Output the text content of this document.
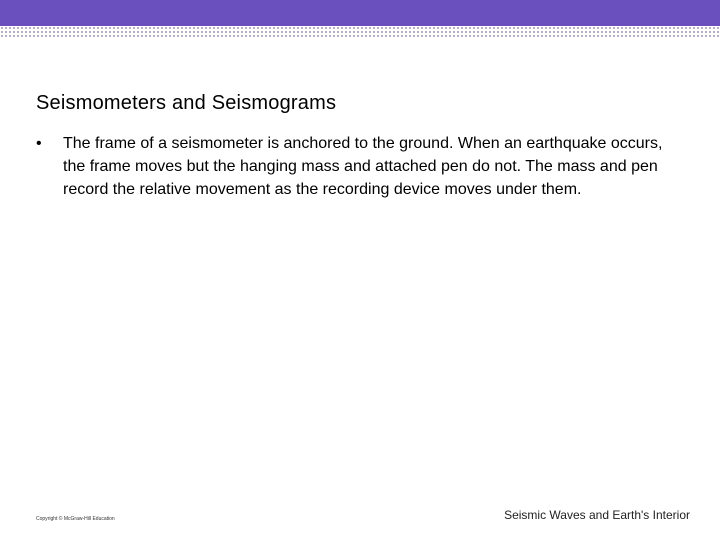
Seismometers and Seismograms
•	The frame of a seismometer is anchored to the ground. When an earthquake occurs, the frame moves but the hanging mass and attached pen do not. The mass and pen record the relative movement as the recording device moves under them.
Copyright © McGraw-Hill Education	Seismic Waves and Earth's Interior
